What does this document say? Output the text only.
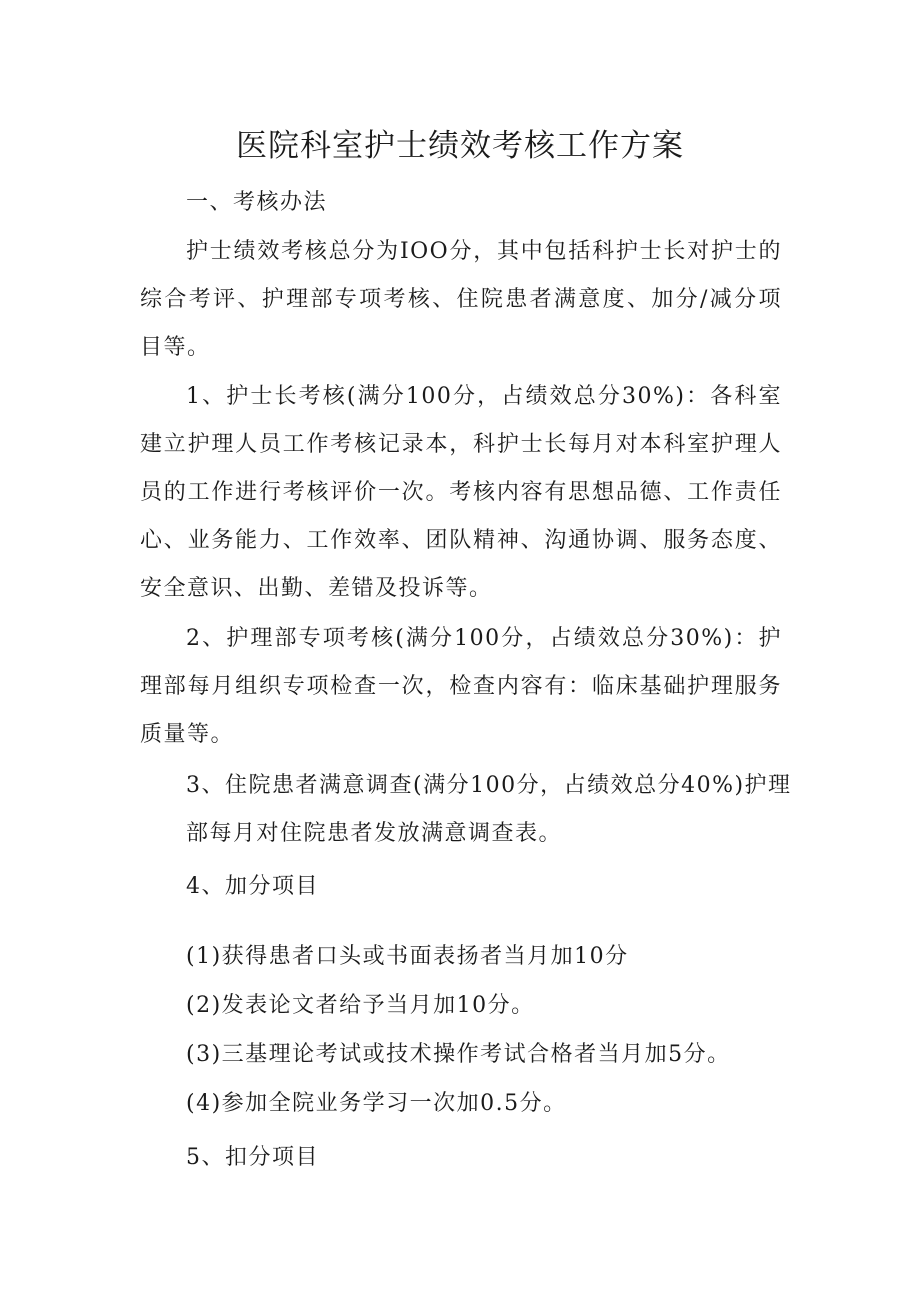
医院科室护士绩效考核工作方案

一、考核办法

护士绩效考核总分为IOO分，其中包括科护士长对护士的综合考评、护理部专项考核、住院患者满意度、加分/减分项目等。

1、护士长考核(满分100分，占绩效总分30%)：各科室建立护理人员工作考核记录本，科护士长每月对本科室护理人员的工作进行考核评价一次。考核内容有思想品德、工作责任心、业务能力、工作效率、团队精神、沟通协调、服务态度、安全意识、出勤、差错及投诉等。

2、护理部专项考核(满分100分，占绩效总分30%)：护理部每月组织专项检查一次，检查内容有：临床基础护理服务质量等。

3、住院患者满意调查(满分100分，占绩效总分40%)护理

部每月对住院患者发放满意调查表。

4、加分项目

(1)获得患者口头或书面表扬者当月加10分

(2)发表论文者给予当月加10分。

(3)三基理论考试或技术操作考试合格者当月加5分。

(4)参加全院业务学习一次加0.5分。

5、扣分项目
